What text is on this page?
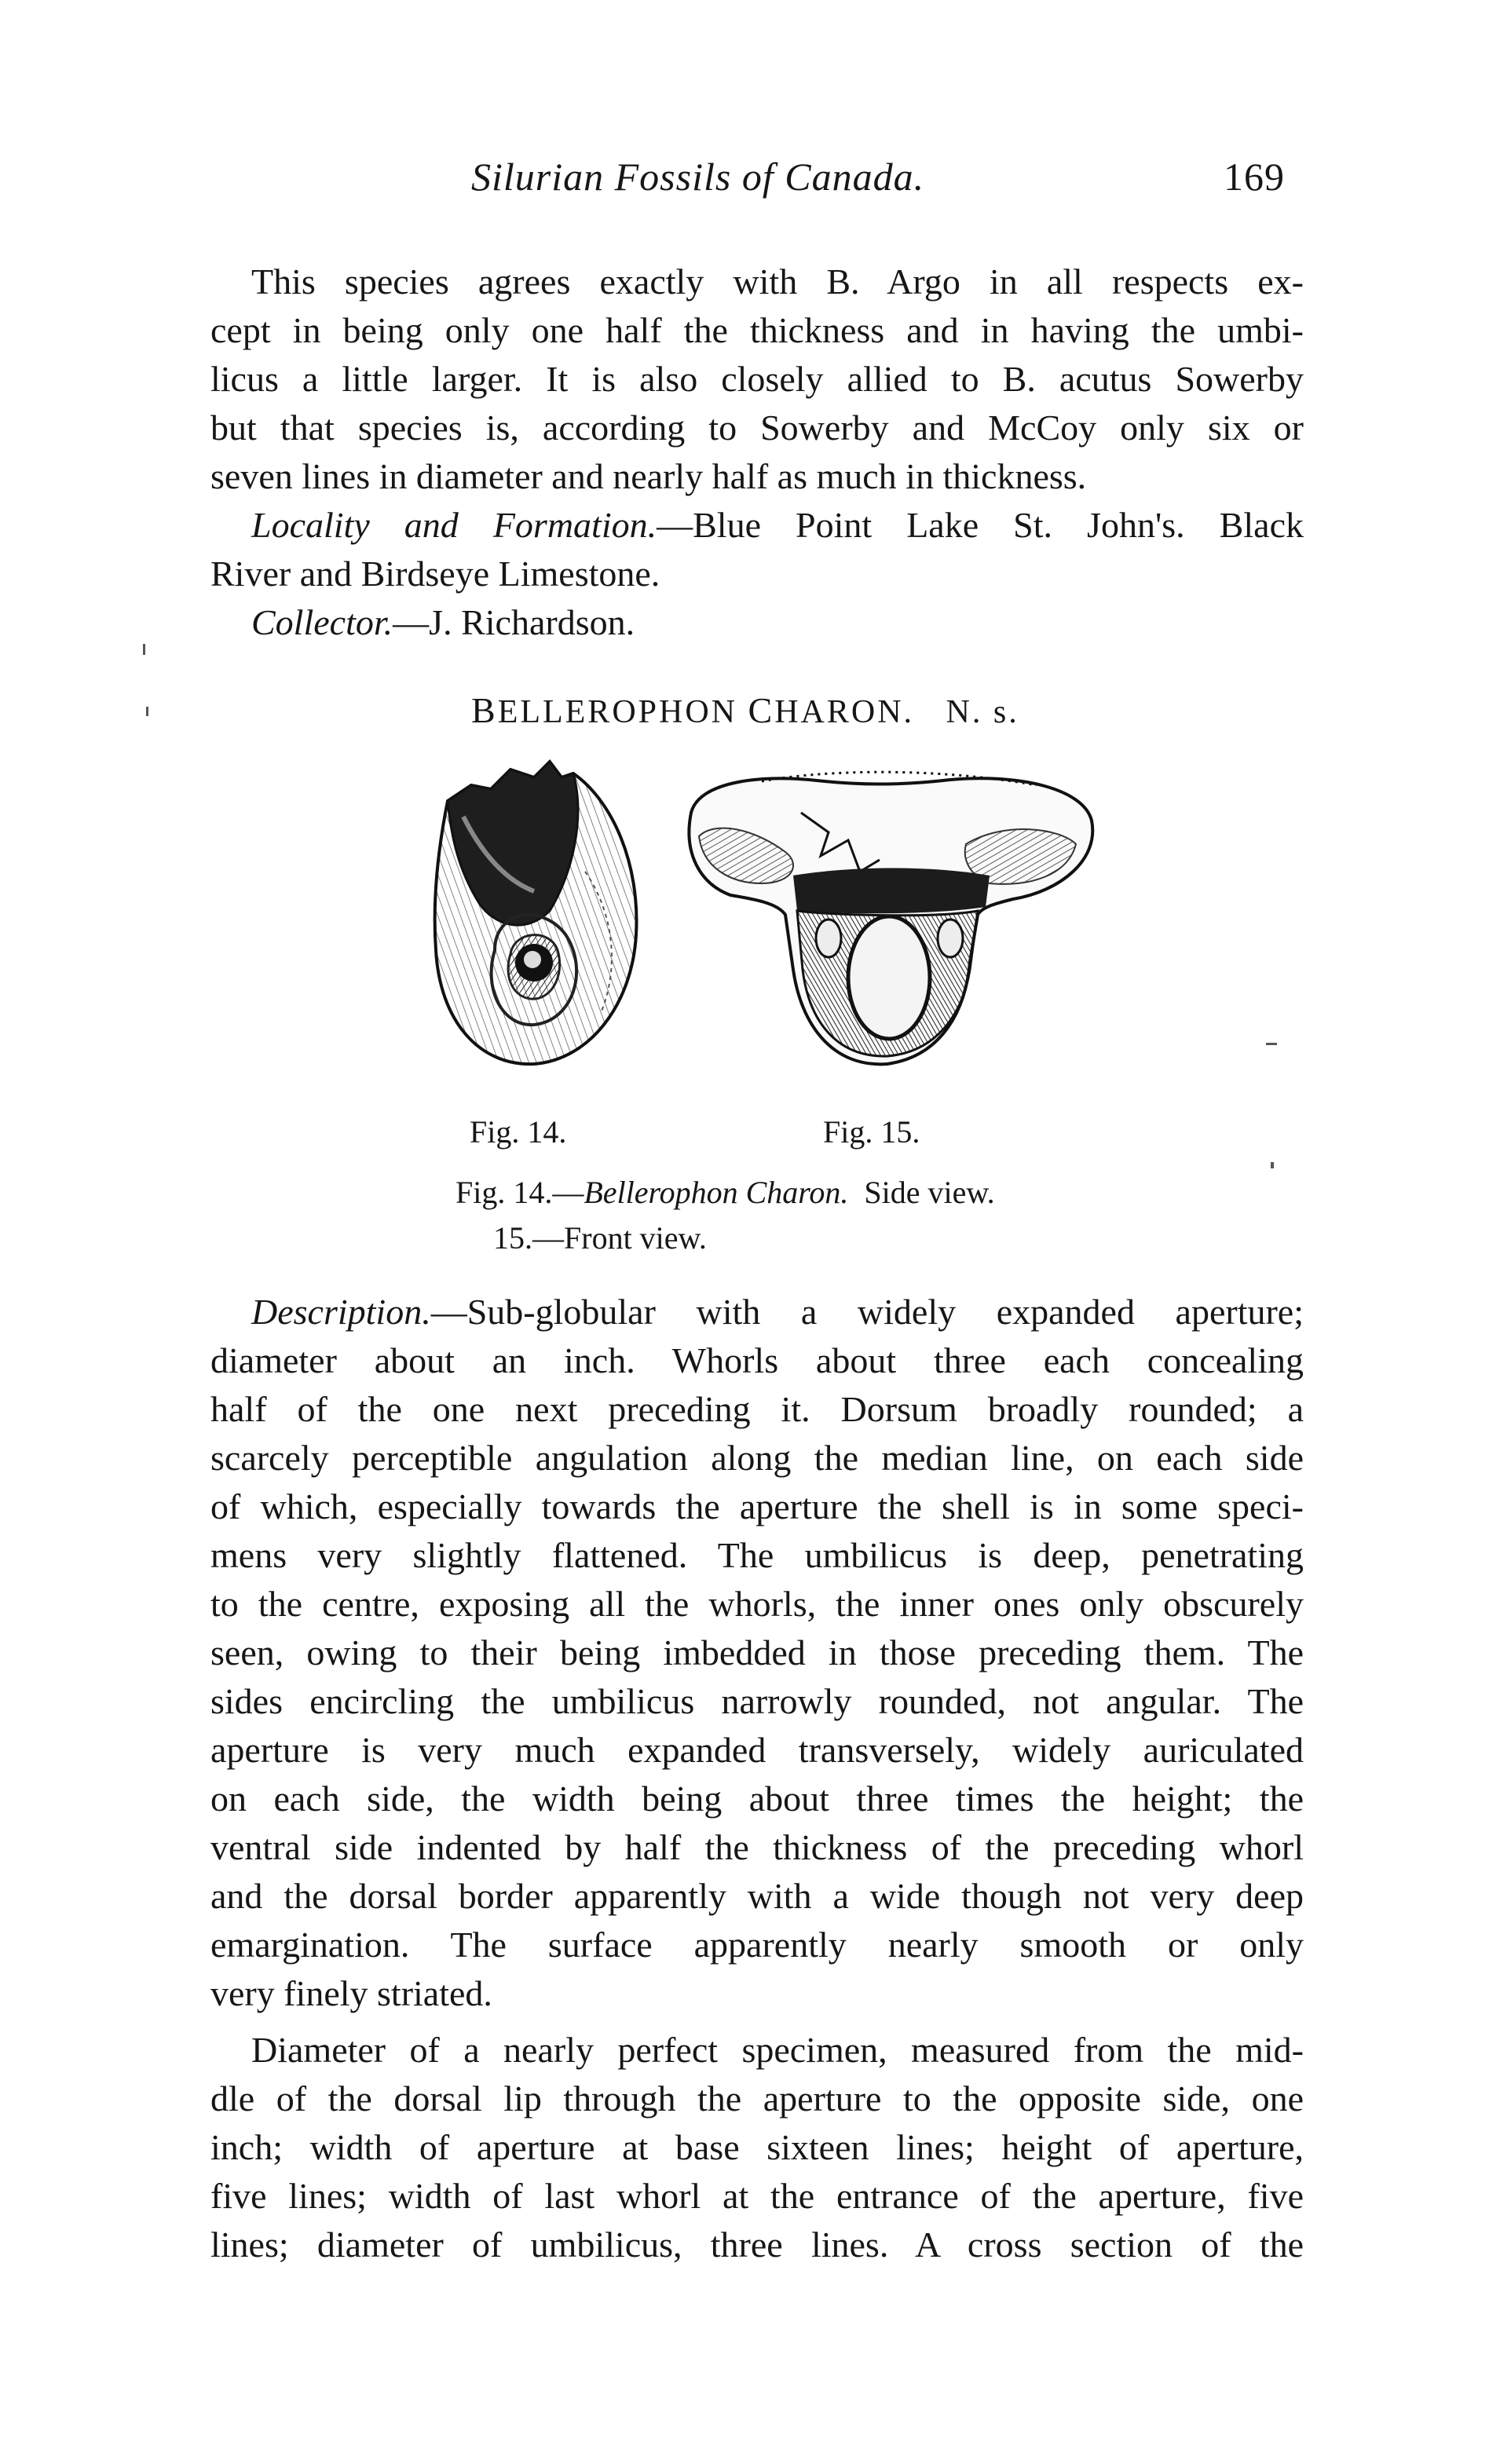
Silurian Fossils of Canada.	169
This species agrees exactly with B. Argo in all respects ex-
cept in being only one half the thickness and in having the umbi-
licus a little larger. It is also closely allied to B. acutus Sowerby
but that species is, according to Sowerby and McCoy only six or
seven lines in diameter and nearly half as much in thickness.
Locality and Formation.—Blue Point Lake St. John's. Black
River and Birdseye Limestone.
Collector.—J. Richardson.
BELLEROPHON CHARON. N. s.
Fig. 14.	Fig. 15.
Fig. 14.—Bellerophon Charon. Side view.
15.—Front view.
Description.—Sub-globular with a widely expanded aperture;
diameter about an inch. Whorls about three each concealing
half of the one next preceding it. Dorsum broadly rounded; a
scarcely perceptible angulation along the median line, on each side
of which, especially towards the aperture the shell is in some speci-
mens very slightly flattened. The umbilicus is deep, penetrating
to the centre, exposing all the whorls, the inner ones only obscurely
seen, owing to their being imbedded in those preceding them. The
sides encircling the umbilicus narrowly rounded, not angular. The
aperture is very much expanded transversely, widely auriculated
on each side, the width being about three times the height; the
ventral side indented by half the thickness of the preceding whorl
and the dorsal border apparently with a wide though not very deep
emargination. The surface apparently nearly smooth or only
very finely striated.
Diameter of a nearly perfect specimen, measured from the mid-
dle of the dorsal lip through the aperture to the opposite side, one
inch; width of aperture at base sixteen lines; height of aperture,
five lines; width of last whorl at the entrance of the aperture, five
lines; diameter of umbilicus, three lines. A cross section of the
